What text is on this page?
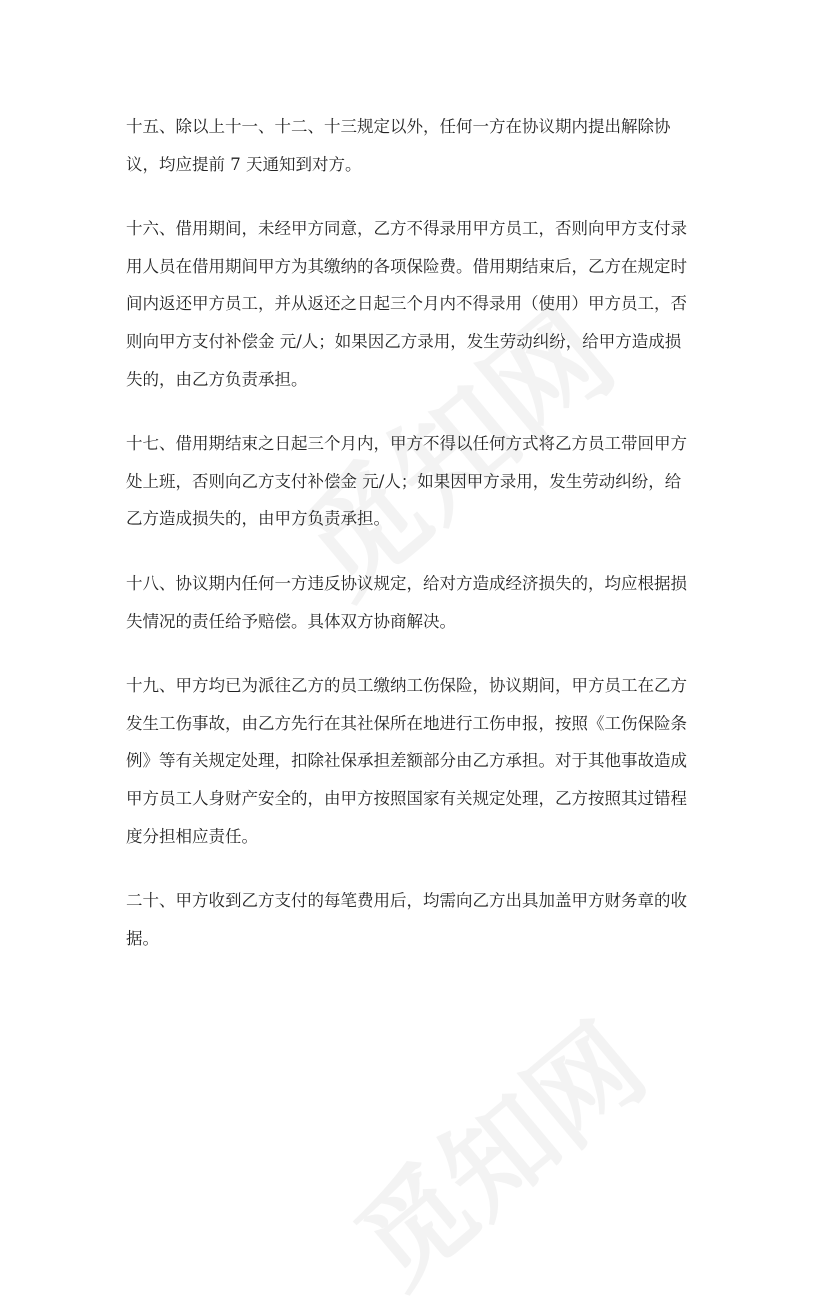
十五、除以上十一、十二、十三规定以外，任何一方在协议期内提出解除协
议，均应提前 7 天通知到对方。

十六、借用期间，未经甲方同意，乙方不得录用甲方员工，否则向甲方支付录
用人员在借用期间甲方为其缴纳的各项保险费。借用期结束后，乙方在规定时
间内返还甲方员工，并从返还之日起三个月内不得录用（使用）甲方员工，否
则向甲方支付补偿金 元/人；如果因乙方录用，发生劳动纠纷，给甲方造成损
失的，由乙方负责承担。

十七、借用期结束之日起三个月内，甲方不得以任何方式将乙方员工带回甲方
处上班，否则向乙方支付补偿金 元/人；如果因甲方录用，发生劳动纠纷，给
乙方造成损失的，由甲方负责承担。

十八、协议期内任何一方违反协议规定，给对方造成经济损失的，均应根据损
失情况的责任给予赔偿。具体双方协商解决。

十九、甲方均已为派往乙方的员工缴纳工伤保险，协议期间，甲方员工在乙方
发生工伤事故，由乙方先行在其社保所在地进行工伤申报，按照《工伤保险条
例》等有关规定处理，扣除社保承担差额部分由乙方承担。对于其他事故造成
甲方员工人身财产安全的，由甲方按照国家有关规定处理，乙方按照其过错程
度分担相应责任。

二十、甲方收到乙方支付的每笔费用后，均需向乙方出具加盖甲方财务章的收
据。
